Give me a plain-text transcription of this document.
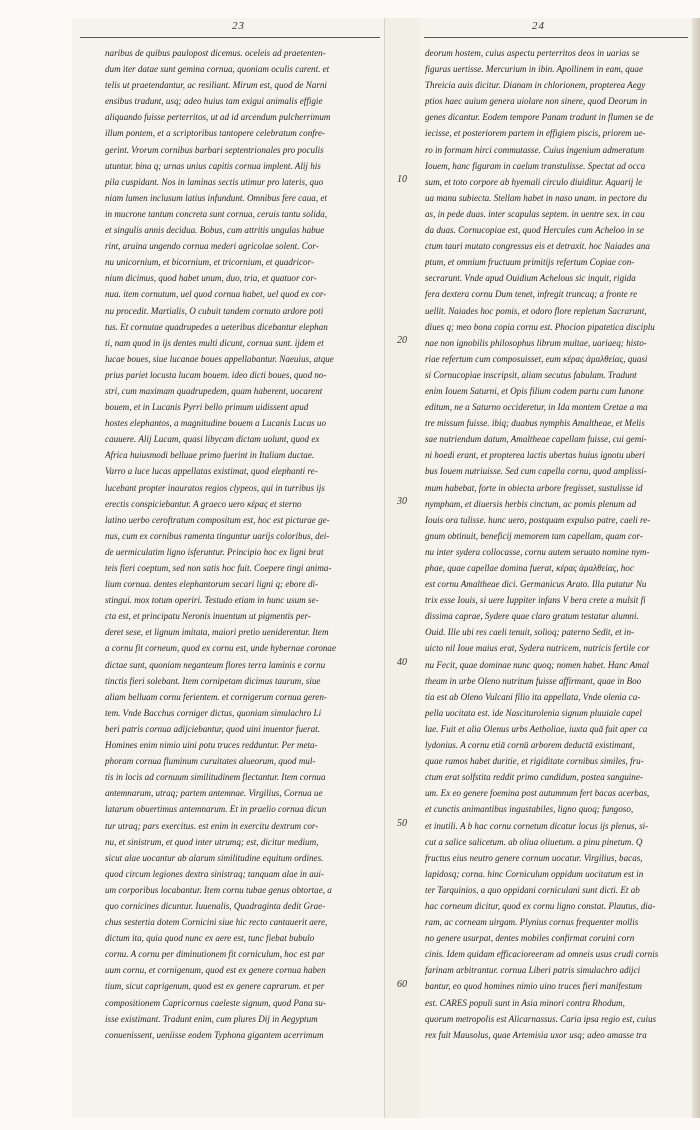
23	24
naribus de quibus paulopost dicemus. oceleis ad praetenten-
dum iter datae sunt gemina cornua, quoniam oculis carent. et
telis ut praetendantur, ac resiliant. Mirum est, quod de Narni
ensibus tradunt, usq; adeo huius tam exigui animalis effigie
aliquando fuisse perterritos, ut ad id arcendum pulcherrimum
illum pontem, et a scriptoribus tantopere celebratum confre-
gerint. Vrorum cornibus barbari septentrionales pro poculis
utuntur. bina q; urnas unius capitis cornua implent. Alij his
pila cuspidant. Nos in laminas sectis utimur pro lateris, quo
niam lumen inclusum latius infundunt. Omnibus fere caua, et
in mucrone tantum concreta sunt cornua, ceruis tantu solida,
et singulis annis decidua. Bobus, cum attritis ungulas habue
rint, aruina ungendo cornua mederi agricolae solent. Cor-
nu unicornium, et bicornium, et tricornium, et quadricor-
nium dicimus, quod habet unum, duo, tria, et quatuor cor-
nua. item cornutum, uel quod cornua habet, uel quod ex cor-
nu procedit. Martialis, O cubuit tandem cornuto ardore poti
tus. Et cornutae quadrupedes a ueteribus dicebantur elephan
ti, nam quod in ijs dentes multi dicunt, cornua sunt. ijdem et
lucae boues, siue lucanae boues appellabantur. Naeuius, atque
prius pariet locusta lucam bouem. ideo dicti boues, quod no-
stri, cum maximam quadrupedem, quam haberent, uocarent
bouem, et in Lucanis Pyrri bello primum uidissent apud
hostes elephantos, a magnitudine bouem a Lucanis Lucas uo
cauuere. Alij Lucam, quasi libycam dictam uolunt, quod ex
Africa huiusmodi belluae primo fuerint in Italiam ductae.
Varro a luce lucas appellatas existimat, quod elephanti re-
lucebant propter inauratos regios clypeos, qui in turribus ijs
erectis conspiciebantur. A graeco uero κέρας et sterno
latino uerbo ceroftratum compositum est, hoc est picturae ge-
nus, cum ex cornibus ramenta tinguntur uarijs coloribus, dei-
de uermiculatim ligno isferuntur. Principio hoc ex ligni brat
teis fieri coeptum, sed non satis hoc fuit. Coepere tingi anima-
lium cornua. dentes elephantorum secari ligni q; ebore di-
stingui. mox totum operiri. Testudo etiam in hunc usum se-
cta est, et principatu Neronis inuentum ut pigmentis per-
deret sese, et lignum imitata, maiori pretio ueniderentur. Item
a cornu fit corneum, quod ex cornu est, unde hybernae coronae
dictae sunt, quoniam neganteum flores terra laminis e cornu
tinctis fieri solebant. Item cornipetam dicimus taurum, siue
aliam belluam cornu ferientem. et cornigerum cornua geren-
tem. Vnde Bacchus corniger dictus, quoniam simulachro Li
beri patris cornua adijciebantur, quod uini inuentor fuerat.
Homines enim nimio uini potu truces redduntur. Per meta-
phoram cornua fluminum curuitates alueorum, quod mul-
tis in locis ad cornuum similitudinem flectantur. Item cornua
antemnarum, utraq; partem antemnae. Virgilius, Cornua ue
latarum obuertimus antemnarum. Et in praelio cornua dicun
tur utraq; pars exercitus. est enim in exercitu dextrum cor-
nu, et sinistrum, et quod inter utrumq; est, dicitur medium,
sicut alae uocantur ab alarum similitudine equitum ordines.
quod circum legiones dextra sinistraq; tanquam alae in aui-
um corporibus locabantur. Item cornu tubae genus obtortae, a
quo cornicines dicuntur. Iuuenalis, Quadraginta dedit Grae-
chus sestertia dotem Cornicini siue hic recto cantauerit aere,
dictum ita, quia quod nunc ex aere est, tunc fiebat bubulo
cornu. A cornu per diminutionem fit corniculum, hoc est par
uum cornu, et cornigenum, quod est ex genere cornua haben
tium, sicut caprigenum, quod est ex genere caprarum. et per
compositionem Capricornus caeleste signum, quod Pana su-
isse existimant. Tradunt enim, cum plures Dij in Aegyptum
conuenissent, ueniisse eodem Typhona gigantem acerrimum
deorum hostem, cuius aspectu perterritos deos in uarias se
figuras uertisse. Mercurium in ibin. Apollinem in eam, quae
Threicia auis dicitur. Dianam in chlorionem, propterea Aegy
ptios haec auium genera uiolare non sinere, quod Deorum in
genes dicantur. Eodem tempore Panam tradunt in flumen se de
iecisse, et posteriorem partem in effigiem piscis, priorem ue-
ro in formam hirci commutasse. Cuius ingenium admeratum
Iouem, hanc figuram in caelum transtulisse. Spectat ad occa
sum, et toto corpore ab hyemali circulo diuiditur. Aquarij le
ua manu subiecta. Stellam habet in naso unam. in pectore du
as, in pede duas. inter scapulas septem. in uentre sex. in cau
da duas. Cornucopiae est, quod Hercules cum Acheloo in se
ctum tauri mutato congressus eis et detraxit. hoc Naiades ana
ptum, et omnium fructuum primitijs refertum Copiae con-
secrarunt. Vnde apud Ouidium Achelous sic inquit, rigida
fera dextera cornu Dum tenet, infregit truncaq; a fronte re
uellit. Naiades hoc pomis, et odoro flore repletum Sacrarunt,
diues q; meo bona copia cornu est. Phocion pipatetica disciplu
nae non ignobilis philosophus librum multae, uariaeq; histo-
riae refertum cum composuisset, eum κέρας ἀμαλθείας, quasi
si Cornucopiae inscripsit, aliam secutus fabulam. Tradunt
enim Iouem Saturni, et Opis filium codem partu cum Iunone
editum, ne a Saturno occideretur, in Ida montem Cretae a ma
tre missum fuisse. ibiq; duabus nymphis Amaltheae, et Melis
sae nutriendum datum, Amaltheae capellam fuisse, cui gemi-
ni hoedi erant, et propterea lactis ubertas huius ignotu uberi
bus Iouem nutriuisse. Sed cum capella cornu, quod amplissi-
mum habebat, forte in obiecta arbore fregisset, sustulisse id
nympham, et diuersis herbis cinctum, ac pomis plenum ad
Iouis ora tulisse. hunc uero, postquam expulso patre, caeli re-
gnum obtinuit, beneficij memorem tam capellam, quam cor-
nu inter sydera collocasse, cornu autem seruato nomine nym-
phae, quae capellae domina fuerat, κέρας ἀμαλθείας, hoc
est cornu Amaltheae dici. Germanicus Arato. Illa putatur Nu
trix esse Iouis, si uere Iuppiter infans V bera crete a mulsit fi
dissima caprae, Sydere quae claro gratum testatur alumni.
Ouid. Ille ubi res caeli tenuit, solioq; paterno Sedit, et in-
uicto nil Ioue maius erat, Sydera nutricem, nutricis fertile cor
nu Fecit, quae dominae nunc quoq; nomen habet. Hanc Amal
theam in urbe Oleno nutritum fuisse affirmant, quae in Boo
tia est ab Oleno Vulcani filio ita appellata, Vnde olenia ca-
pella uocitata est. ide Nasciturolenia signum pluuiale capel
lae. Fuit et alia Olenus urbs Aetholiae, iuxta quā fuit aper ca
lydonius. A cornu etiā cornū arborem deductā existimant,
quae ramos habet duritie, et rigiditate cornibus similes, fru-
ctum erat solfstita reddit primo candidum, postea sanguine-
um. Ex eo genere foemina post autumnum fert bacas acerbas,
et cunctis animantibus ingustabiles, ligno quoq; fungoso,
et inutili. A b hac cornu cornetum dicatur locus ijs plenus, si-
cut a salice salicetum. ab oliua oliuetum. a pinu pinetum. Q
fructus eius neutro genere cornum uocatur. Virgilius, bacas,
lapidosq; corna. hinc Corniculum oppidum uocitatum est in
ter Tarquinios, a quo oppidani corniculani sunt dicti. Et ab
hac corneum dicitur, quod ex cornu ligno constat. Plautus, dia-
ram, ac corneam uirgam. Plynius cornus frequenter mollis
no genere usurpat, dentes mobiles confirmat coruini corn
cinis. Idem quidam efficacioreeram ad omneis usus crudi cornis
farinam arbitrantur. cornua Liberi patris simulachro adijci
bantur, eo quod homines nimio uino truces fieri manifestum
est. CARES populi sunt in Asia minori contra Rhodum,
quorum metropolis est Alicarnassus. Caria ipsa regio est, cuius
rex fuit Mausolus, quae Artemisia uxor usq; adeo amasse tra
10
20
30
40
50
60
